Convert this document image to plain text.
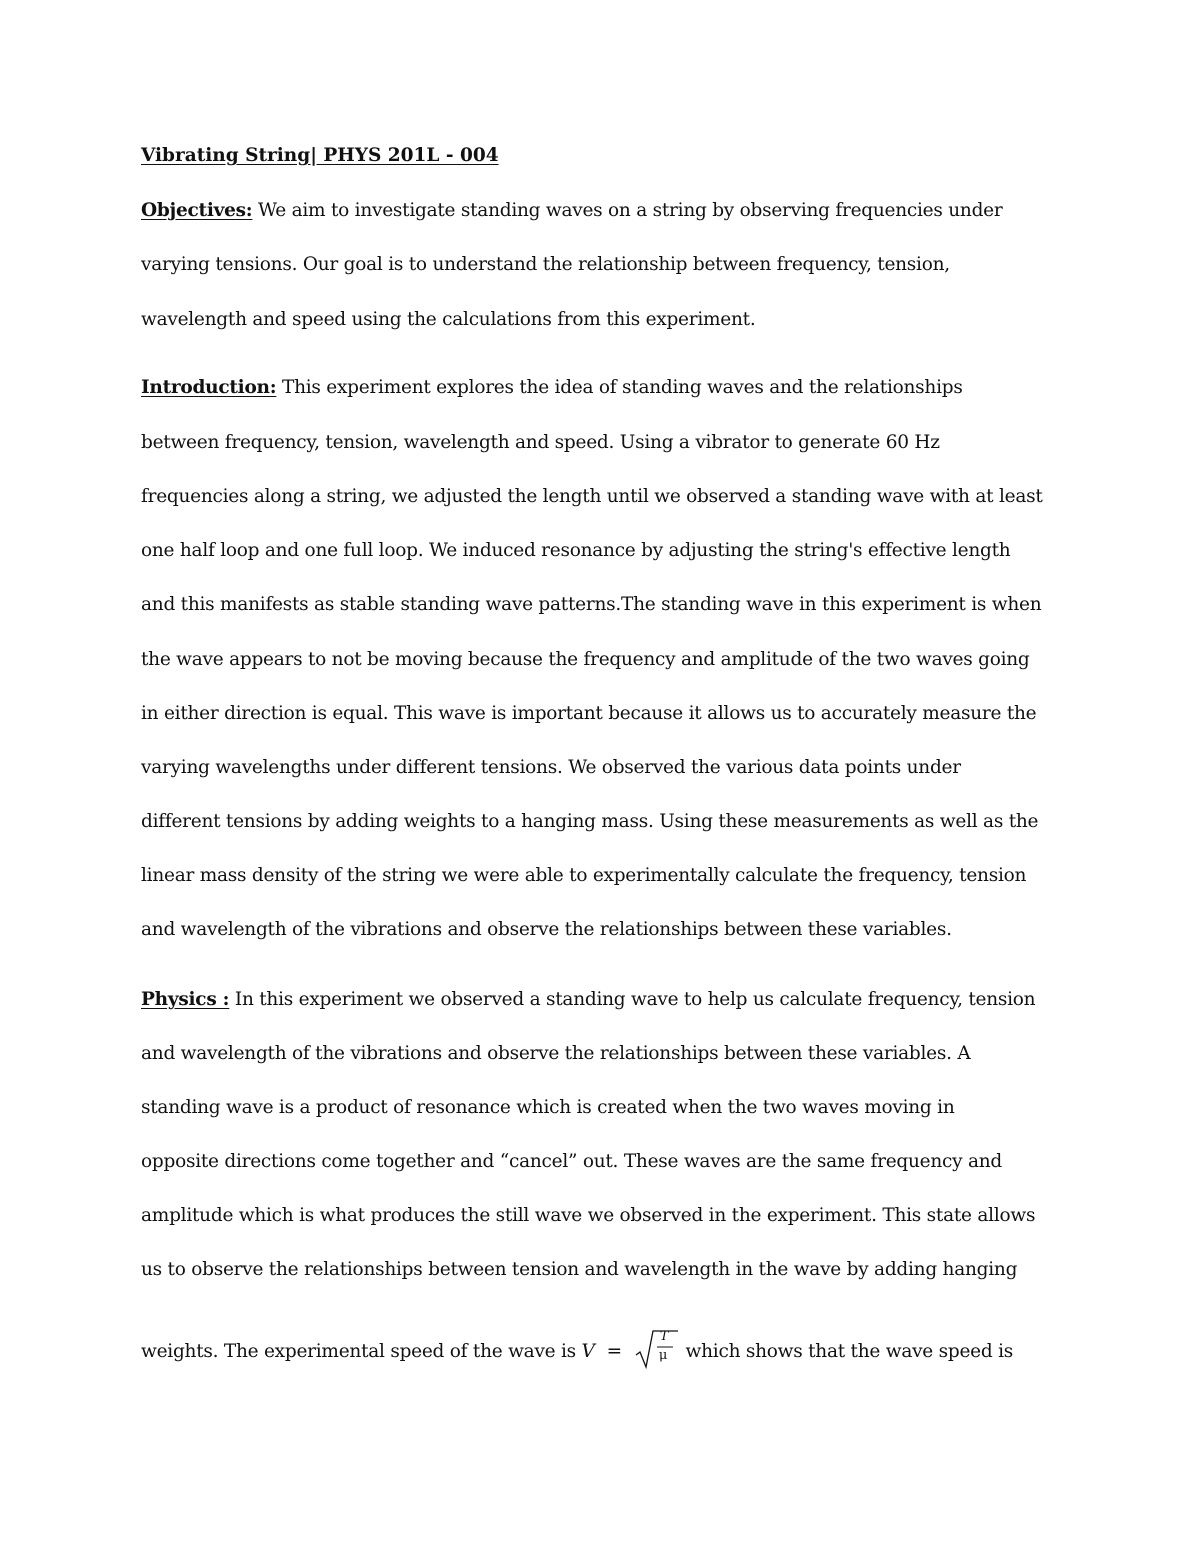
Vibrating String| PHYS 201L - 004
Objectives: We aim to investigate standing waves on a string by observing frequencies under
varying tensions. Our goal is to understand the relationship between frequency, tension,
wavelength and speed using the calculations from this experiment.
Introduction: This experiment explores the idea of standing waves and the relationships
between frequency, tension, wavelength and speed. Using a vibrator to generate 60 Hz
frequencies along a string, we adjusted the length until we observed a standing wave with at least
one half loop and one full loop. We induced resonance by adjusting the string's effective length
and this manifests as stable standing wave patterns.The standing wave in this experiment is when
the wave appears to not be moving because the frequency and amplitude of the two waves going
in either direction is equal. This wave is important because it allows us to accurately measure the
varying wavelengths under different tensions. We observed the various data points under
different tensions by adding weights to a hanging mass. Using these measurements as well as the
linear mass density of the string we were able to experimentally calculate the frequency, tension
and wavelength of the vibrations and observe the relationships between these variables.
Physics : In this experiment we observed a standing wave to help us calculate frequency, tension
and wavelength of the vibrations and observe the relationships between these variables. A
standing wave is a product of resonance which is created when the two waves moving in
opposite directions come together and “cancel” out. These waves are the same frequency and
amplitude which is what produces the still wave we observed in the experiment. This state allows
us to observe the relationships between tension and wavelength in the wave by adding hanging
weights. The experimental speed of the wave is V =
T
μ which shows that the wave speed is
